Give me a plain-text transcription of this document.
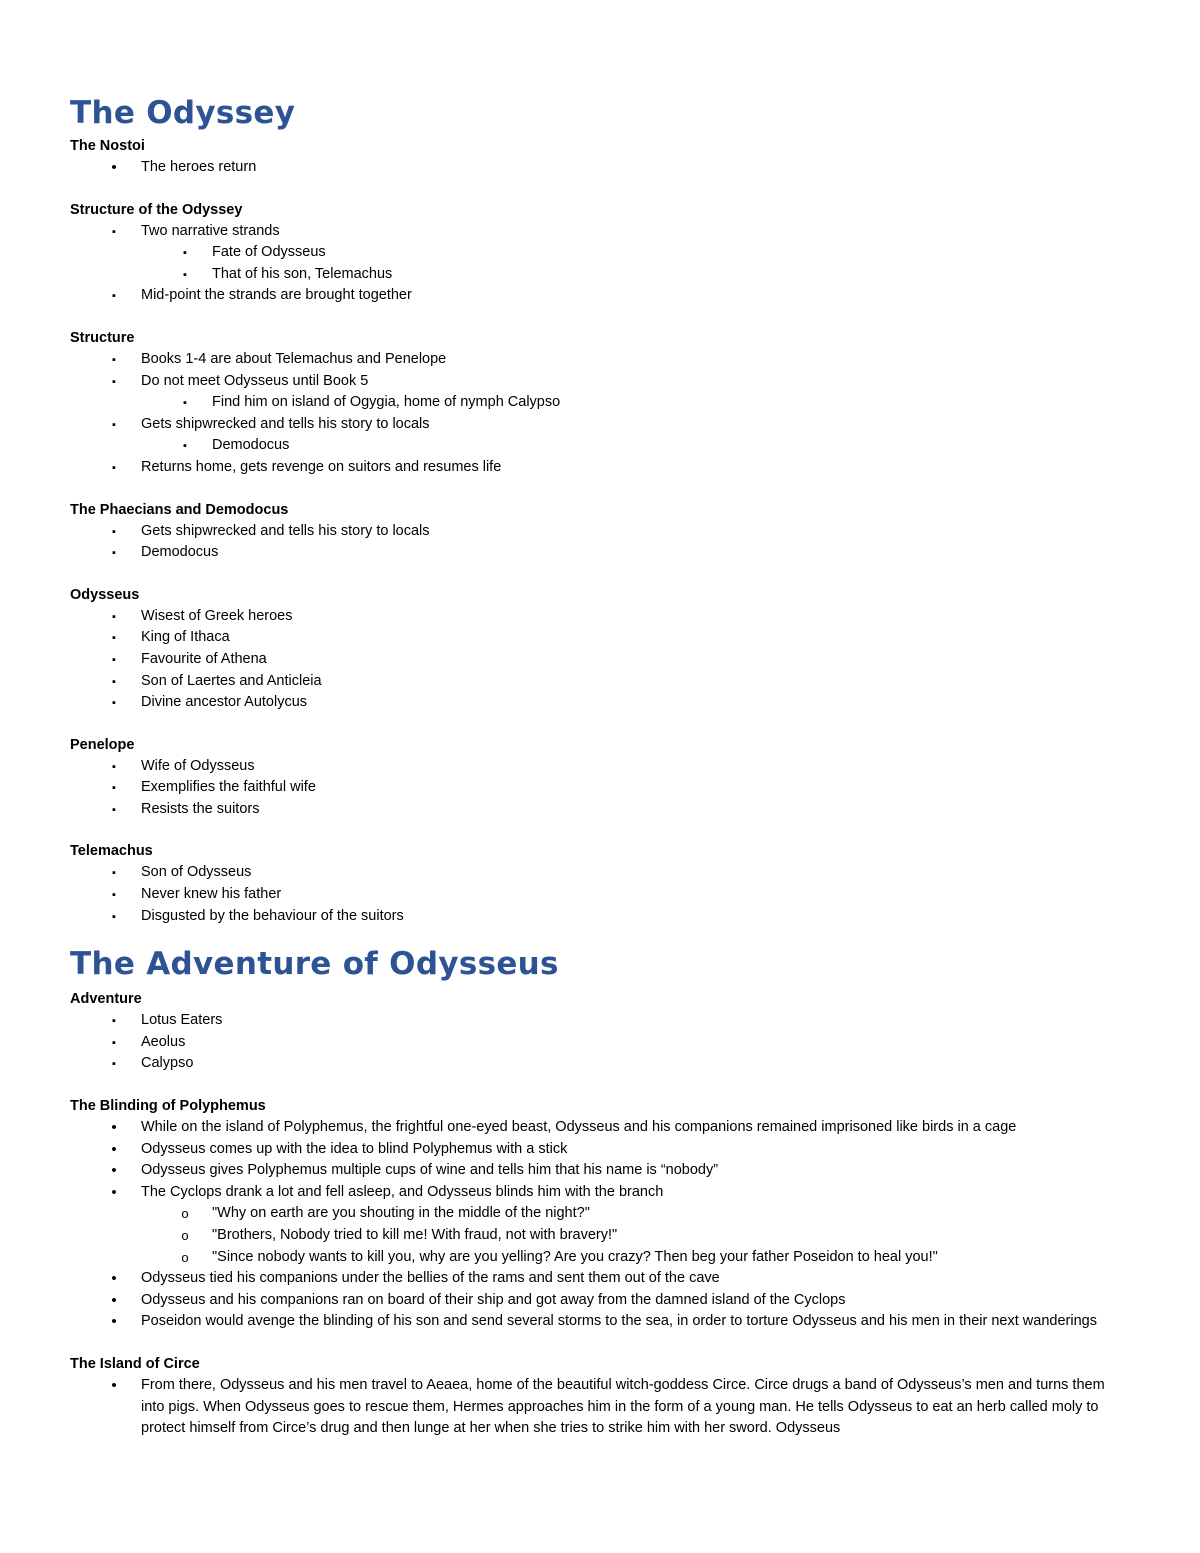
The Odyssey
The Nostoi
•
The heroes return
Structure of the Odyssey
▪
Two narrative strands
▪
Fate of Odysseus
▪
That of his son, Telemachus
▪
Mid-point the strands are brought together
Structure
▪
Books 1-4 are about Telemachus and Penelope
▪
Do not meet Odysseus until Book 5
▪
Find him on island of Ogygia, home of nymph Calypso
▪
Gets shipwrecked and tells his story to locals
▪
Demodocus
▪
Returns home, gets revenge on suitors and resumes life
The Phaecians and Demodocus
▪
Gets shipwrecked and tells his story to locals
▪
Demodocus
Odysseus
▪
Wisest of Greek heroes
▪
King of Ithaca
▪
Favourite of Athena
▪
Son of Laertes and Anticleia
▪
Divine ancestor Autolycus
Penelope
▪
Wife of Odysseus
▪
Exemplifies the faithful wife
▪
Resists the suitors
Telemachus
▪
Son of Odysseus
▪
Never knew his father
▪
Disgusted by the behaviour of the suitors
The Adventure of Odysseus
Adventure
▪
Lotus Eaters
▪
Aeolus
▪
Calypso
The Blinding of Polyphemus
•
While on the island of Polyphemus, the frightful one-eyed beast, Odysseus and his companions remained imprisoned like birds in a cage
•
Odysseus comes up with the idea to blind Polyphemus with a stick
•
Odysseus gives Polyphemus multiple cups of wine and tells him that his name is “nobody”
•
The Cyclops drank a lot and fell asleep, and Odysseus blinds him with the branch
o
"Why on earth are you shouting in the middle of the night?"
o
"Brothers, Nobody tried to kill me! With fraud, not with bravery!"
o
"Since nobody wants to kill you, why are you yelling? Are you crazy? Then beg your father Poseidon to heal you!"
•
Odysseus tied his companions under the bellies of the rams and sent them out of the cave
•
Odysseus and his companions ran on board of their ship and got away from the damned island of the Cyclops
•
Poseidon would avenge the blinding of his son and send several storms to the sea, in order to torture Odysseus and his men in their next wanderings
The Island of Circe
•
From there, Odysseus and his men travel to Aeaea, home of the beautiful witch-goddess Circe. Circe drugs a band of Odysseus’s men and turns them into pigs. When Odysseus goes to rescue them, Hermes approaches him in the form of a young man. He tells Odysseus to eat an herb called moly to protect himself from Circe’s drug and then lunge at her when she tries to strike him with her sword. Odysseus
